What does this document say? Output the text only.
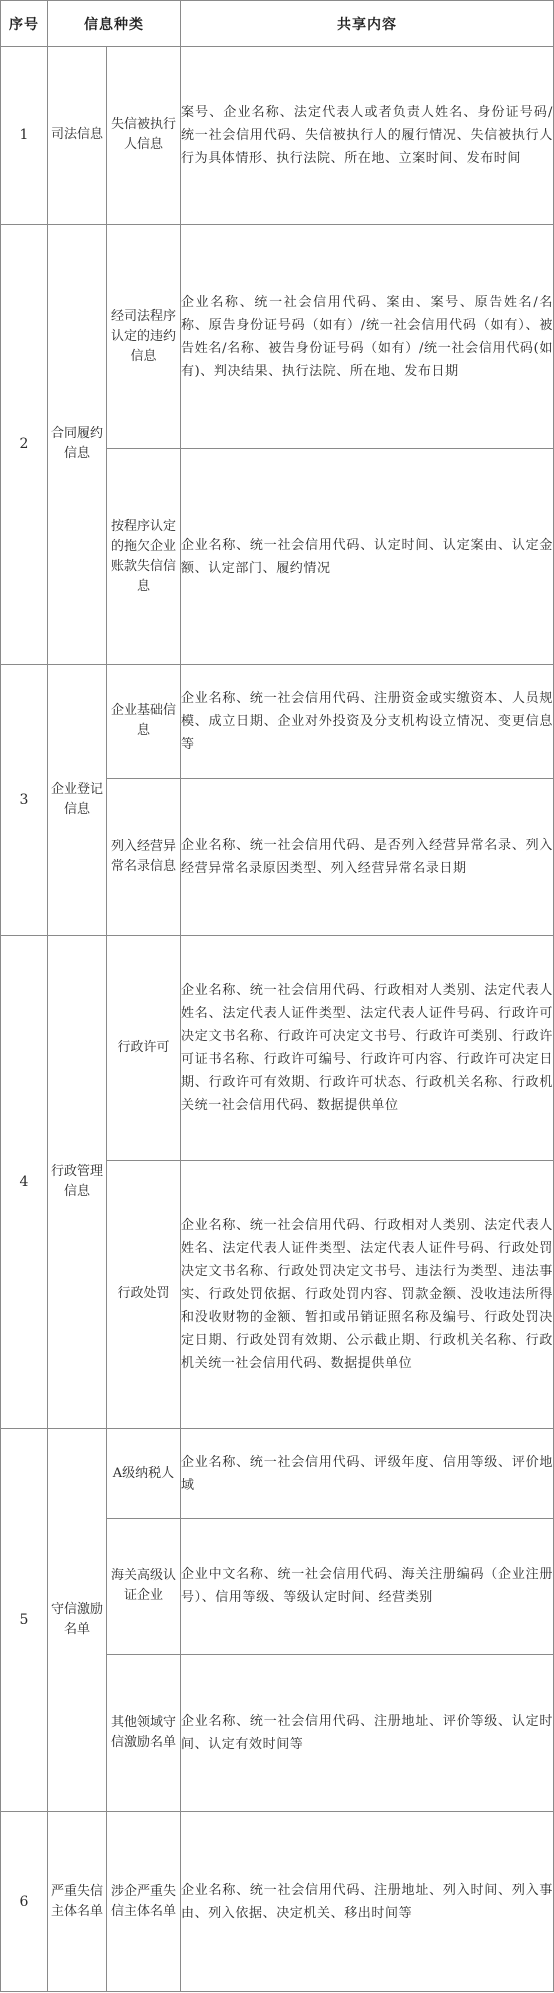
序号	信息种类		共享内容
1	司法信息	失信被执行人信息	案号、企业名称、法定代表人或者负责人姓名、身份证号码/统一社会信用代码、失信被执行人的履行情况、失信被执行人行为具体情形、执行法院、所在地、立案时间、发布时间
2	合同履约信息	经司法程序认定的违约信息	企业名称、统一社会信用代码、案由、案号、原告姓名/名称、原告身份证号码（如有）/统一社会信用代码（如有）、被告姓名/名称、被告身份证号码（如有）/统一社会信用代码(如有)、判决结果、执行法院、所在地、发布日期
		按程序认定的拖欠企业账款失信信息	企业名称、统一社会信用代码、认定时间、认定案由、认定金额、认定部门、履约情况
3	企业登记信息	企业基础信息	企业名称、统一社会信用代码、注册资金或实缴资本、人员规模、成立日期、企业对外投资及分支机构设立情况、变更信息等
		列入经营异常名录信息	企业名称、统一社会信用代码、是否列入经营异常名录、列入经营异常名录原因类型、列入经营异常名录日期
4	行政管理信息	行政许可	企业名称、统一社会信用代码、行政相对人类别、法定代表人姓名、法定代表人证件类型、法定代表人证件号码、行政许可决定文书名称、行政许可决定文书号、行政许可类别、行政许可证书名称、行政许可编号、行政许可内容、行政许可决定日期、行政许可有效期、行政许可状态、行政机关名称、行政机关统一社会信用代码、数据提供单位
		行政处罚	企业名称、统一社会信用代码、行政相对人类别、法定代表人姓名、法定代表人证件类型、法定代表人证件号码、行政处罚决定文书名称、行政处罚决定文书号、违法行为类型、违法事实、行政处罚依据、行政处罚内容、罚款金额、没收违法所得和没收财物的金额、暂扣或吊销证照名称及编号、行政处罚决定日期、行政处罚有效期、公示截止期、行政机关名称、行政机关统一社会信用代码、数据提供单位
5	守信激励名单	A级纳税人	企业名称、统一社会信用代码、评级年度、信用等级、评价地域
		海关高级认证企业	企业中文名称、统一社会信用代码、海关注册编码（企业注册号）、信用等级、等级认定时间、经营类别
		其他领域守信激励名单	企业名称、统一社会信用代码、注册地址、评价等级、认定时间、认定有效时间等
6	严重失信主体名单	涉企严重失信主体名单	企业名称、统一社会信用代码、注册地址、列入时间、列入事由、列入依据、决定机关、移出时间等
